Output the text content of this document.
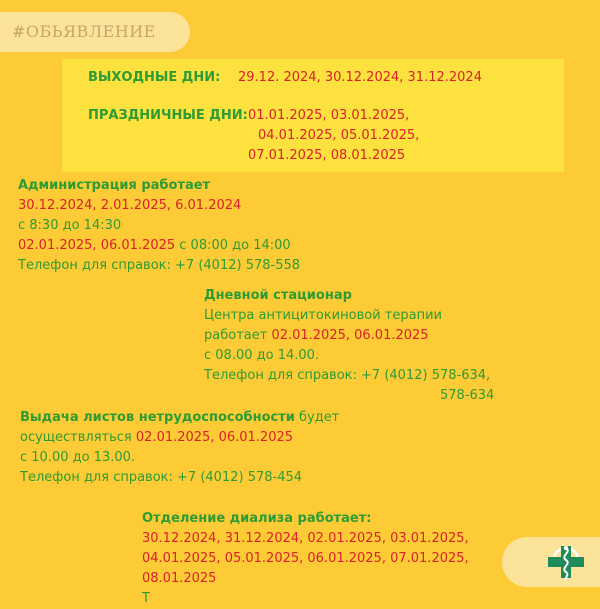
#ОБЬЯВЛЕНИЕ
ВЫХОДНЫЕ ДНИ: 29.12. 2024, 30.12.2024, 31.12.2024
ПРАЗДНИЧНЫЕ ДНИ: 01.01.2025, 03.01.2025,
04.01.2025, 05.01.2025,
07.01.2025, 08.01.2025
Администрация работает
30.12.2024, 2.01.2025, 6.01.2024
с 8:30 до 14:30
02.01.2025, 06.01.2025 с 08:00 до 14:00
Телефон для справок: +7 (4012) 578-558
Дневной стационар
Центра антицитокиновой терапии
работает 02.01.2025, 06.01.2025
с 08.00 до 14.00.
Телефон для справок: +7 (4012) 578-634,
578-634
Выдача листов нетрудоспособности будет
осуществляться 02.01.2025, 06.01.2025
с 10.00 до 13.00.
Телефон для справок: +7 (4012) 578-454
Отделение диализа работает:
30.12.2024, 31.12.2024, 02.01.2025, 03.01.2025,
04.01.2025, 05.01.2025, 06.01.2025, 07.01.2025,
08.01.2025
Т
